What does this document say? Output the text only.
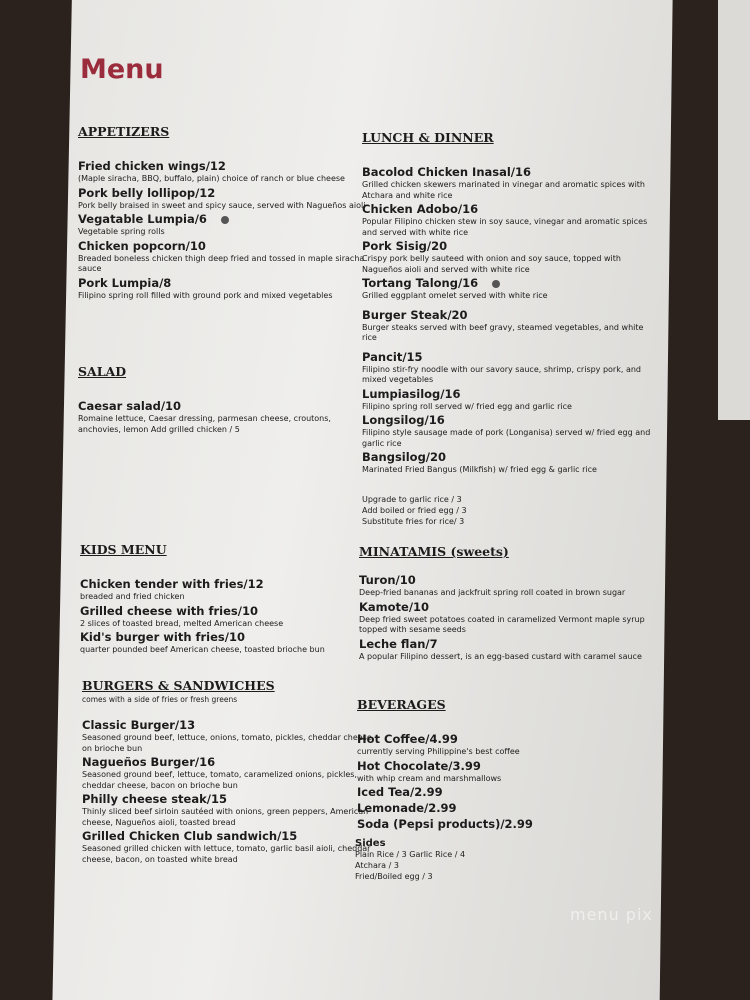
Menu
APPETIZERS
Fried chicken wings/12
(Maple siracha, BBQ, buffalo, plain) choice of ranch or blue cheese
Pork belly lollipop/12
Pork belly braised in sweet and spicy sauce, served with Nagueños aioli
Vegatable Lumpia/6
Vegetable spring rolls
Chicken popcorn/10
Breaded boneless chicken thigh deep fried and tossed in maple siracha sauce
Pork Lumpia/8
Filipino spring roll filled with ground pork and mixed vegetables
SALAD
Caesar salad/10
Romaine lettuce, Caesar dressing, parmesan cheese, croutons, anchovies, lemon Add grilled chicken / 5
KIDS MENU
Chicken tender with fries/12
breaded and fried chicken
Grilled cheese with fries/10
2 slices of toasted bread, melted American cheese
Kid's burger with fries/10
quarter pounded beef American cheese, toasted brioche bun
BURGERS & SANDWICHES
comes with a side of fries or fresh greens
Classic Burger/13
Seasoned ground beef, lettuce, onions, tomato, pickles, cheddar cheese on brioche bun
Nagueños Burger/16
Seasoned ground beef, lettuce, tomato, caramelized onions, pickles, cheddar cheese, bacon on brioche bun
Philly cheese steak/15
Thinly sliced beef sirloin sautéed with onions, green peppers, American cheese, Nagueños aioli, toasted bread
Grilled Chicken Club sandwich/15
Seasoned grilled chicken with lettuce, tomato, garlic basil aioli, cheddar cheese, bacon, on toasted white bread
LUNCH & DINNER
Bacolod Chicken Inasal/16
Grilled chicken skewers marinated in vinegar and aromatic spices with Atchara and white rice
Chicken Adobo/16
Popular Filipino chicken stew in soy sauce, vinegar and aromatic spices and served with white rice
Pork Sisig/20
Crispy pork belly sauteed with onion and soy sauce, topped with Nagueños aioli and served with white rice
Tortang Talong/16
Grilled eggplant omelet served with white rice
Burger Steak/20
Burger steaks served with beef gravy, steamed vegetables, and white rice
Pancit/15
Filipino stir-fry noodle with our savory sauce, shrimp, crispy pork, and mixed vegetables
Lumpiasilog/16
Filipino spring roll served w/ fried egg and garlic rice
Longsilog/16
Filipino style sausage made of pork (Longanisa) served w/ fried egg and garlic rice
Bangsilog/20
Marinated Fried Bangus (Milkfish) w/ fried egg & garlic rice
Upgrade to garlic rice / 3
Add boiled or fried egg / 3
Substitute fries for rice/ 3
MINATAMIS (sweets)
Turon/10
Deep-fried bananas and jackfruit spring roll coated in brown sugar
Kamote/10
Deep fried sweet potatoes coated in caramelized Vermont maple syrup topped with sesame seeds
Leche flan/7
A popular Filipino dessert, is an egg-based custard with caramel sauce
BEVERAGES
Hot Coffee/4.99
currently serving Philippine's best coffee
Hot Chocolate/3.99
with whip cream and marshmallows
Iced Tea/2.99
Lemonade/2.99
Soda (Pepsi products)/2.99
Sides
Plain Rice / 3 Garlic Rice / 4
Atchara / 3
Fried/Boiled egg / 3
menu pix
